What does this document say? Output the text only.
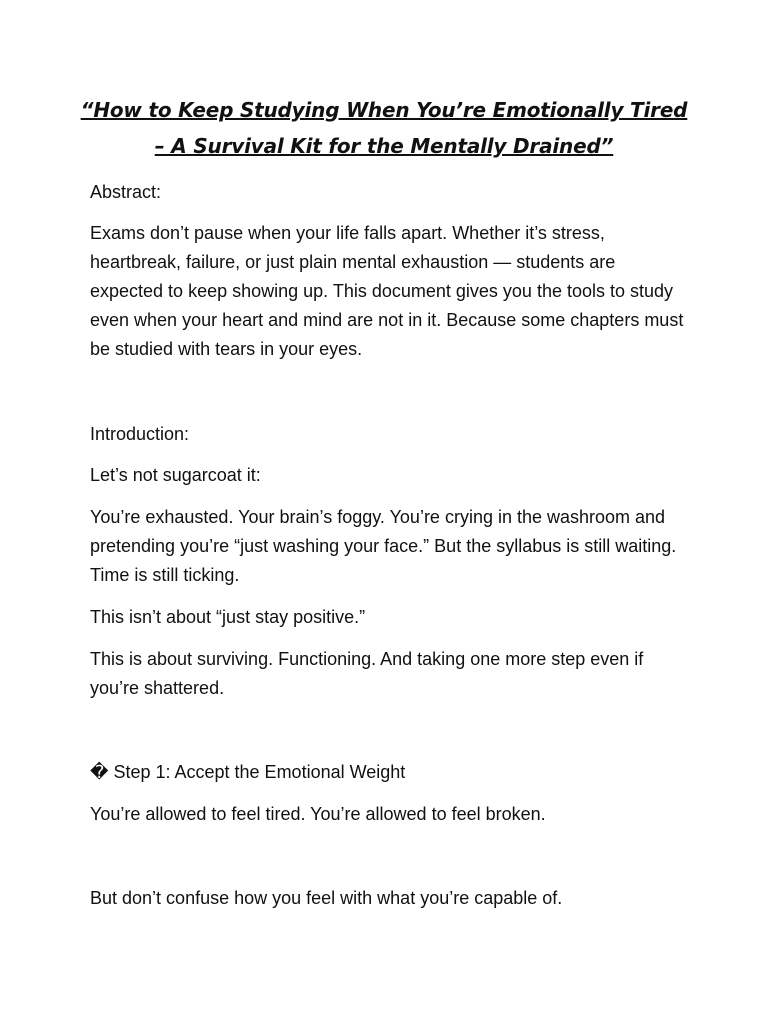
“How to Keep Studying When You’re Emotionally Tired
– A Survival Kit for the Mentally Drained”

Abstract:

Exams don’t pause when your life falls apart. Whether it’s stress, heartbreak, failure, or just plain mental exhaustion — students are expected to keep showing up. This document gives you the tools to study even when your heart and mind are not in it. Because some chapters must be studied with tears in your eyes.

Introduction:

Let’s not sugarcoat it:

You’re exhausted. Your brain’s foggy. You’re crying in the washroom and pretending you’re “just washing your face.” But the syllabus is still waiting. Time is still ticking.

This isn’t about “just stay positive.”

This is about surviving. Functioning. And taking one more step even if you’re shattered.

� Step 1: Accept the Emotional Weight

You’re allowed to feel tired. You’re allowed to feel broken.

But don’t confuse how you feel with what you’re capable of.
